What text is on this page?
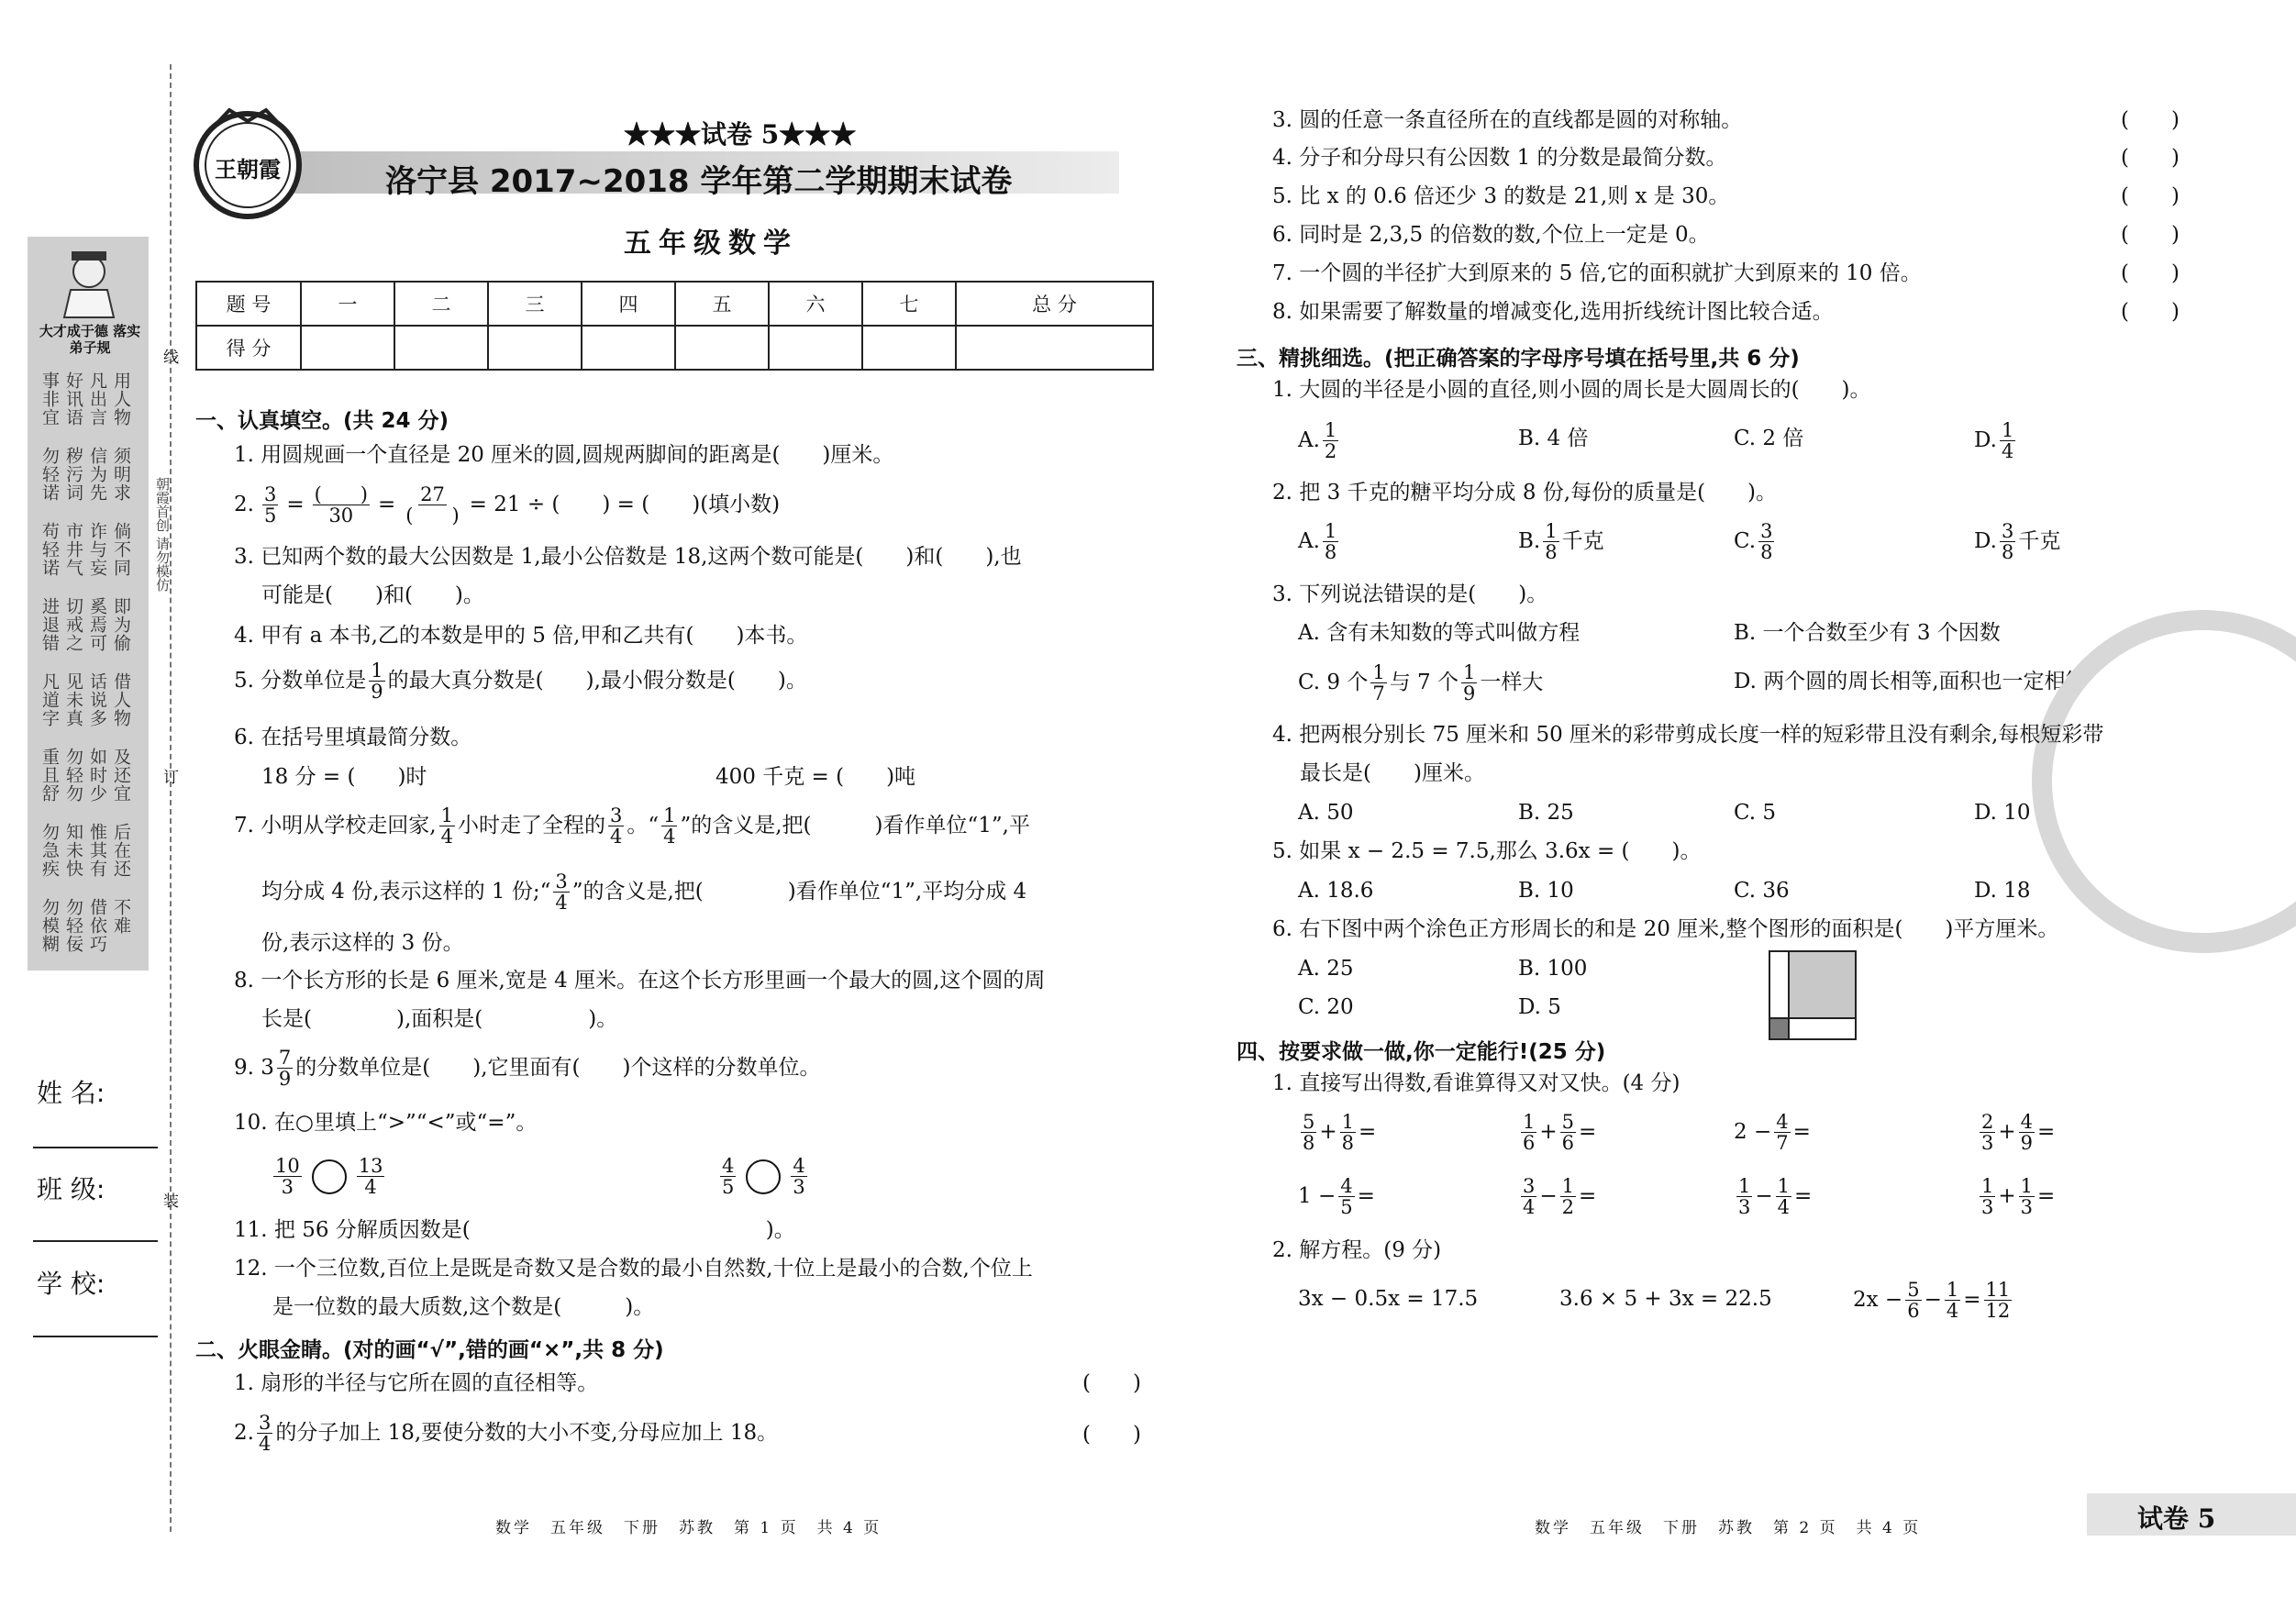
大才成于德 落实弟子规
事非宜 好讯语 凡出言 用人物
勿轻诺 秽污词 信为先 须明求
苟轻诺 市井气 诈与妄 倘不同
进退错 切戒之 奚焉可 即为偷
凡道字 见未真 话说多 借人物
重且舒 勿轻勿 如时少 及还宜
勿急疾 知未快 惟其有 后在还
勿模糊 勿轻佞 借依巧 不难
线
订
装
朝霞首创 请勿模仿
姓 名:
班 级:
学 校:
王朝霞
★★★试卷 5★★★
洛宁县 2017~2018 学年第二学期期末试卷
五年级数学
题 号	一	二	三	四	五	六	七	总 分
得 分								
一、认真填空。(共 24 分)
1. 用圆规画一个直径是 20 厘米的圆,圆规两脚间的距离是(　　)厘米。
2. $\frac{3}{5} = \frac{( )}{30} = \frac{27}{( )} = 21$ ÷ (　　) = (　　)(填小数)
3. 已知两个数的最大公因数是 1,最小公倍数是 18,这两个数可能是(　　)和(　　),也
可能是(　　)和(　　)。
4. 甲有 a 本书,乙的本数是甲的 5 倍,甲和乙共有(　　)本书。
5. 分数单位是 $\frac{1}{9}$ 的最大真分数是(　　),最小假分数是(　　)。
6. 在括号里填最简分数。
18 分 = (　　)时	400 千克 = (　　)吨
7. 小明从学校走回家, $\frac{1}{4}$ 小时走了全程的 $\frac{3}{4}$ 。“ $\frac{1}{4}$ ”的含义是,把(　　　)看作单位“1”,平
均分成 4 份,表示这样的 1 份;“ $\frac{3}{4}$ ”的含义是,把(　　　　)看作单位“1”,平均分成 4
份,表示这样的 3 份。
8. 一个长方形的长是 6 厘米,宽是 4 厘米。在这个长方形里画一个最大的圆,这个圆的周
长是(　　　　),面积是(　　　　　)。
9. $3 \frac{7}{9}$ 的分数单位是(　　),它里面有(　　)个这样的分数单位。
10. 在○里填上“>”“<”或“=”。
$\frac{10}{3}$	$\frac{13}{4}$	$\frac{4}{5}$	$\frac{4}{3}$
11. 把 56 分解质因数是(　　　　　　　　　　　　　　)。
12. 一个三位数,百位上是既是奇数又是合数的最小自然数,十位上是最小的合数,个位上
是一位数的最大质数,这个数是(　　　)。
二、火眼金睛。(对的画“√”,错的画“×”,共 8 分)
1. 扇形的半径与它所在圆的直径相等。	(　　)
2. $\frac{3}{4}$ 的分子加上 18,要使分数的大小不变,分母应加上 18。	(　　)
3. 圆的任意一条直径所在的直线都是圆的对称轴。	(　　)
4. 分子和分母只有公因数 1 的分数是最简分数。	(　　)
5. 比 x 的 0.6 倍还少 3 的数是 21,则 x 是 30。	(　　)
6. 同时是 2,3,5 的倍数的数,个位上一定是 0。	(　　)
7. 一个圆的半径扩大到原来的 5 倍,它的面积就扩大到原来的 10 倍。	(　　)
8. 如果需要了解数量的增减变化,选用折线统计图比较合适。	(　　)
三、精挑细选。(把正确答案的字母序号填在括号里,共 6 分)
1. 大圆的半径是小圆的直径,则小圆的周长是大圆周长的(　　)。
A. $\frac{1}{2}$	B. 4 倍	C. 2 倍	D. $\frac{1}{4}$
2. 把 3 千克的糖平均分成 8 份,每份的质量是(　　)。
A. $\frac{1}{8}$	B. $\frac{1}{8}$ 千克	C. $\frac{3}{8}$	D. $\frac{3}{8}$ 千克
3. 下列说法错误的是(　　)。
A. 含有未知数的等式叫做方程	B. 一个合数至少有 3 个因数
C. 9 个 $\frac{1}{7}$ 与 7 个 $\frac{1}{9}$ 一样大	D. 两个圆的周长相等,面积也一定相等
4. 把两根分别长 75 厘米和 50 厘米的彩带剪成长度一样的短彩带且没有剩余,每根短彩带
最长是(　　)厘米。
A. 50	B. 25	C. 5	D. 10
5. 如果 x − 2.5 = 7.5,那么 3.6x = (　　)。
A. 18.6	B. 10	C. 36	D. 18
6. 右下图中两个涂色正方形周长的和是 20 厘米,整个图形的面积是(　　)平方厘米。
A. 25	B. 100
C. 20	D. 5
四、按要求做一做,你一定能行!(25 分)
1. 直接写出得数,看谁算得又对又快。(4 分)
$\frac{5}{8} + \frac{1}{8}$ =	$\frac{1}{6} + \frac{5}{6}$ =	$2 - \frac{4}{7}$ =	$\frac{2}{3} + \frac{4}{9}$ =
$1 - \frac{4}{5}$ =	$\frac{3}{4} - \frac{1}{2}$ =	$\frac{1}{3} - \frac{1}{4}$ =	$\frac{1}{3} + \frac{1}{3}$ =
2. 解方程。(9 分)
3x − 0.5x = 17.5	3.6 × 5 + 3x = 22.5	$2x - \frac{5}{6} - \frac{1}{4} = \frac{11}{12}$
数学　五年级　下册　苏教　第 1 页　共 4 页	数学　五年级　下册　苏教　第 2 页　共 4 页	试卷 5
